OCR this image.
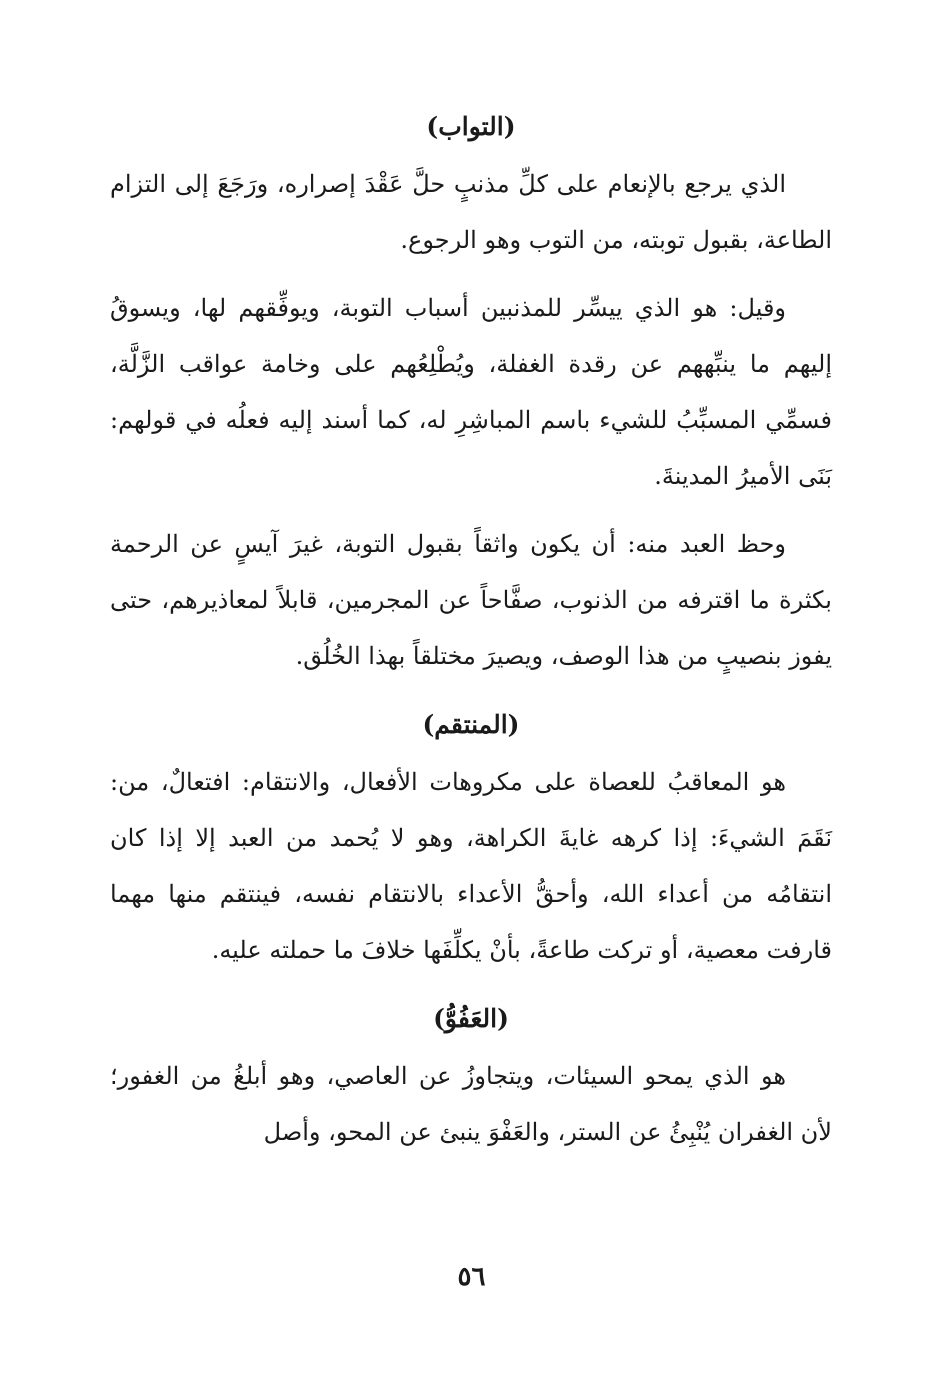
(التواب)

الذي يرجع بالإنعام على كلِّ مذنبٍ حلَّ عَقْدَ إصراره، ورَجَعَ إلى التزام الطاعة، بقبول توبته، من التوب وهو الرجوع.

وقيل: هو الذي ييسِّر للمذنبين أسباب التوبة، ويوفِّقهم لها، ويسوقُ إليهم ما ينبِّههم عن رقدة الغفلة، ويُطْلِعُهم على وخامة عواقب الزَّلَّة، فسمِّي المسبِّبُ للشيء باسم المباشِرِ له، كما أسند إليه فعلُه في قولهم: بَنَى الأميرُ المدينةَ.

وحظ العبد منه: أن يكون واثقاً بقبول التوبة، غيرَ آيسٍ عن الرحمة بكثرة ما اقترفه من الذنوب، صفَّاحاً عن المجرمين، قابلاً لمعاذيرهم، حتى يفوز بنصيبٍ من هذا الوصف، ويصيرَ مختلقاً بهذا الخُلُق.

(المنتقم)

هو المعاقبُ للعصاة على مكروهات الأفعال، والانتقام: افتعالٌ، من: نَقَمَ الشيءَ: إذا كرهه غايةَ الكراهة، وهو لا يُحمد من العبد إلا إذا كان انتقامُه من أعداء الله، وأحقُّ الأعداء بالانتقام نفسه، فينتقم منها مهما قارفت معصية، أو تركت طاعةً، بأنْ يكلِّفَها خلافَ ما حملته عليه.

(العَفُوُّ)

هو الذي يمحو السيئات، ويتجاوزُ عن العاصي، وهو أبلغُ من الغفور؛ لأن الغفران يُنْبِئُ عن الستر، والعَفْوَ ينبئ عن المحو، وأصل

٥٦
